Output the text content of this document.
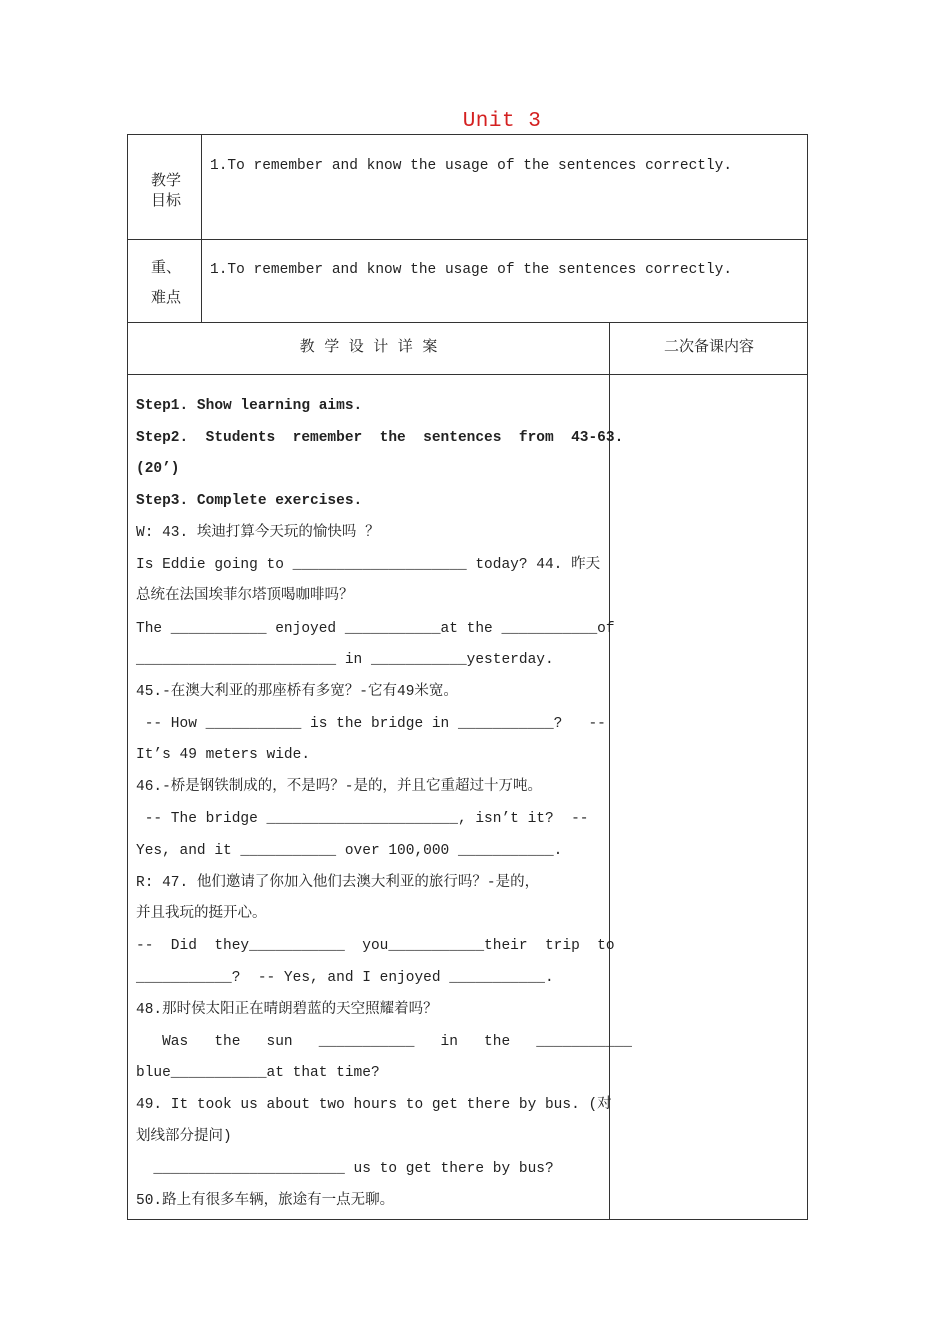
Unit 3
教学
目标
1.To remember and know the usage of the sentences correctly.
重、
难点
1.To remember and know the usage of the sentences correctly.
教  学  设  计  详  案	二次备课内容
Step1. Show learning aims.
Step2.  Students  remember  the  sentences  from  43-63.
(20’)
Step3. Complete exercises.
W: 43. 埃迪打算今天玩的愉快吗 ？
Is Eddie going to ____________________ today? 44. 昨天
总统在法国埃菲尔塔顶喝咖啡吗？
The ___________ enjoyed ___________at the ___________of
_______________________ in ___________yesterday.
45.-在澳大利亚的那座桥有多宽？-它有49米宽。
-- How ___________ is the bridge in ___________?   --
It’s 49 meters wide.
46.-桥是钢铁制成的，不是吗？-是的，并且它重超过十万吨。
-- The bridge ______________________, isn’t it?  --
Yes, and it ___________ over 100,000 ___________.
R: 47. 他们邀请了你加入他们去澳大利亚的旅行吗？-是的，
并且我玩的挺开心。
--  Did  they___________  you___________their  trip  to
___________?  -- Yes, and I enjoyed ___________.
48.那时侯太阳正在晴朗碧蓝的天空照耀着吗？
Was   the   sun   ___________   in   the   ___________
blue___________at that time?
49. It took us about two hours to get there by bus. (对
划线部分提问)
______________________ us to get there by bus?
50.路上有很多车辆，旅途有一点无聊。
